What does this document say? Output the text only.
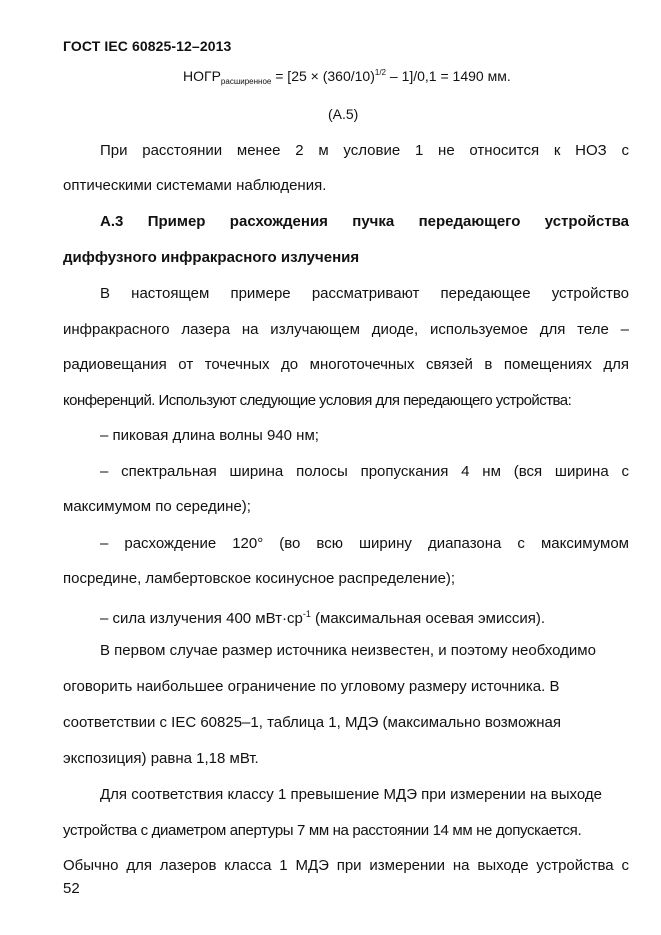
ГОСТ IEC 60825-12–2013
$НОГР_{расширенное} = [25 \times (360/10)^{1/2} - 1]/0,1 = 1490$ мм.
(А.5)
При расстоянии менее 2 м условие 1 не относится к НОЗ с
оптическими системами наблюдения.
А.3 Пример расхождения пучка передающего устройства
диффузного инфракрасного излучения
В настоящем примере рассматривают передающее устройство
инфракрасного лазера на излучающем диоде, используемое для теле –
радиовещания от точечных до многоточечных связей в помещениях для
конференций. Используют следующие условия для передающего устройства:
– пиковая длина волны 940 нм;
– спектральная ширина полосы пропускания 4 нм (вся ширина с
максимумом по середине);
– расхождение 120° (во всю ширину диапазона с максимумом
посредине, ламбертовское косинусное распределение);
– сила излучения 400 $мВт\cdot ср^{-1}$ (максимальная осевая эмиссия).
В первом случае размер источника неизвестен, и поэтому необходимо
оговорить наибольшее ограничение по угловому размеру источника. В
соответствии с IEC 60825–1, таблица 1, МДЭ (максимально возможная
экспозиция) равна 1,18 мВт.
Для соответствия классу 1 превышение МДЭ при измерении на выходе
устройства с диаметром апертуры 7 мм на расстоянии 14 мм не допускается.
Обычно для лазеров класса 1 МДЭ при измерении на выходе устройства с
52
